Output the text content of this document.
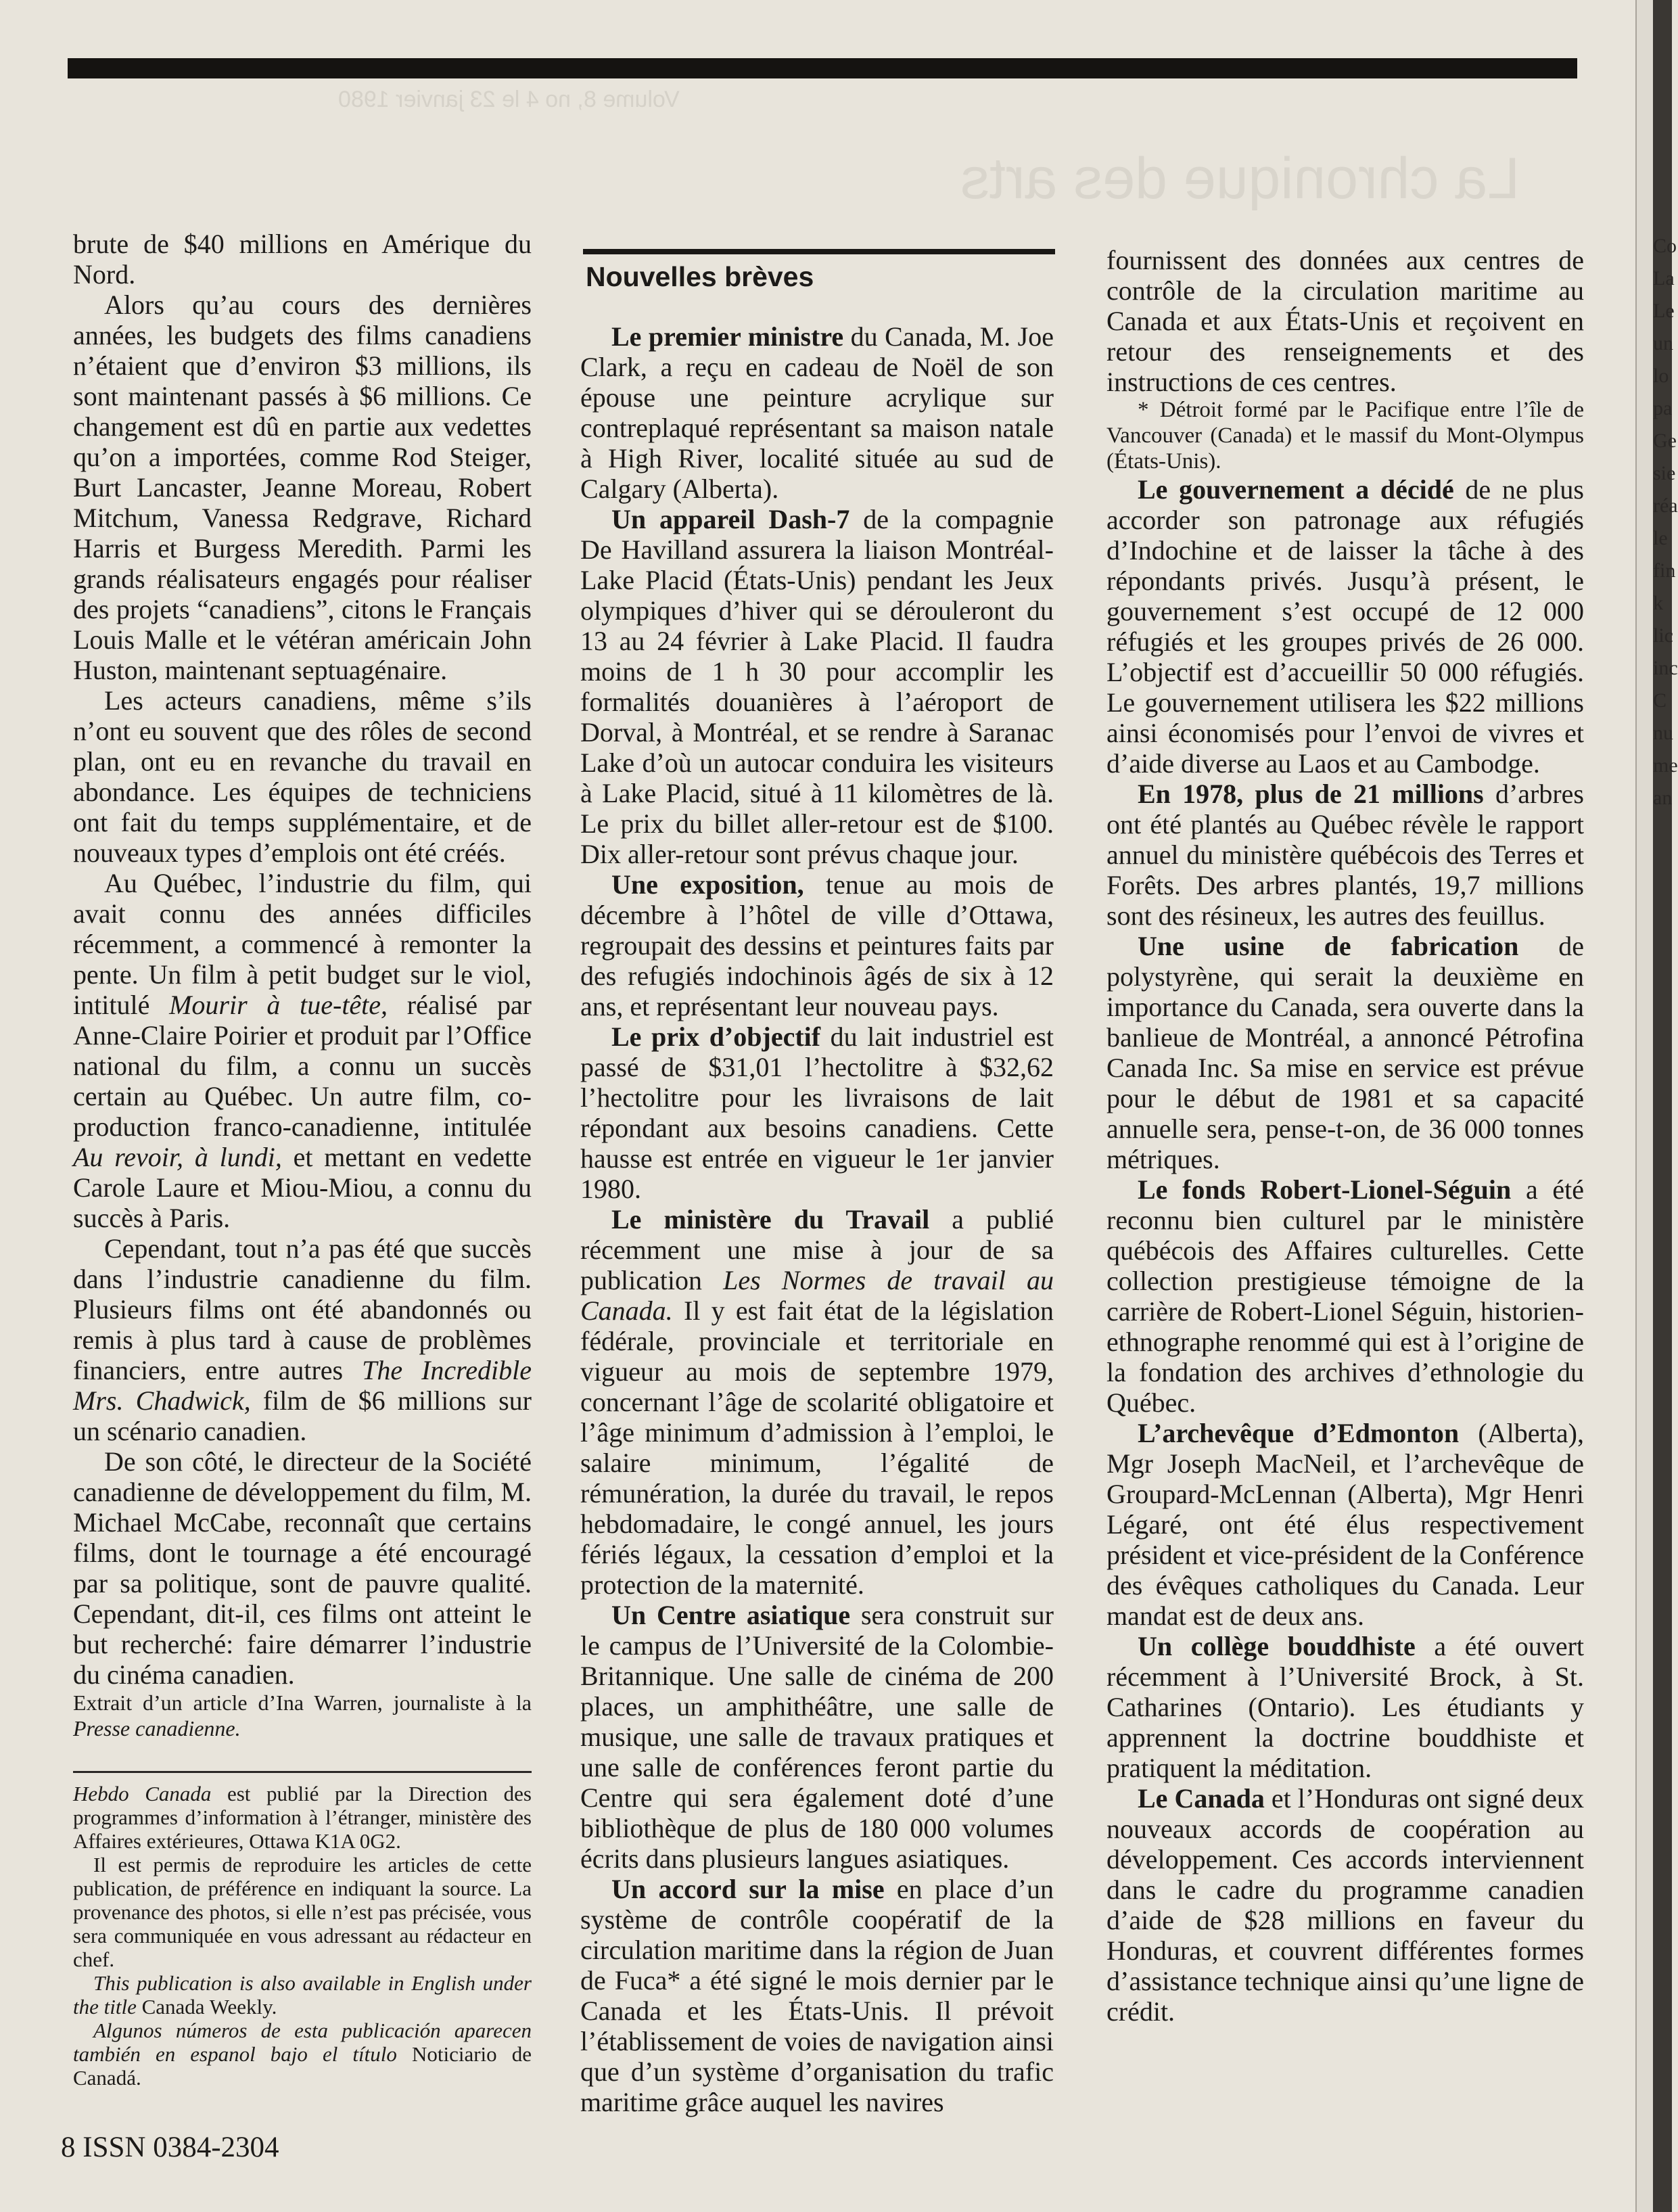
Co
La
Le
un
lo
pa
Ge
sie
réa
le
fin
k
lic
inc
C
nu
me
an
Volume 8, no 4 le 23 janvier 1980
La chronique des arts

brute de $40 millions en Amérique du Nord.

Alors qu’au cours des dernières années, les budgets des films canadiens n’étaient que d’environ $3 millions, ils sont maintenant passés à $6 millions. Ce changement est dû en partie aux vedettes qu’on a importées, comme Rod Steiger, Burt Lancaster, Jeanne Moreau, Robert Mitchum, Vanessa Redgrave, Richard Harris et Burgess Meredith. Parmi les grands réalisateurs engagés pour réaliser des projets “canadiens”, citons le Français Louis Malle et le vétéran américain John Huston, maintenant septuagénaire.

Les acteurs canadiens, même s’ils n’ont eu souvent que des rôles de second plan, ont eu en revanche du travail en abondance. Les équipes de techniciens ont fait du temps supplémentaire, et de nouveaux types d’emplois ont été créés.

Au Québec, l’industrie du film, qui avait connu des années difficiles récemment, a commencé à remonter la pente. Un film à petit budget sur le viol, intitulé Mourir à tue-tête, réalisé par Anne-Claire Poirier et produit par l’Office national du film, a connu un succès certain au Québec. Un autre film, co-production franco-canadienne, intitulée Au revoir, à lundi, et mettant en vedette Carole Laure et Miou-Miou, a connu du succès à Paris.

Cependant, tout n’a pas été que succès dans l’industrie canadienne du film. Plusieurs films ont été abandonnés ou remis à plus tard à cause de problèmes financiers, entre autres The Incredible Mrs. Chadwick, film de $6 millions sur un scénario canadien.

De son côté, le directeur de la Société canadienne de développement du film, M. Michael McCabe, reconnaît que certains films, dont le tournage a été encouragé par sa politique, sont de pauvre qualité. Cependant, dit-il, ces films ont atteint le but recherché: faire démarrer l’industrie du cinéma canadien.

Extrait d’un article d’Ina Warren, journaliste à la Presse canadienne.

Hebdo Canada est publié par la Direction des programmes d’information à l’étranger, ministère des Affaires extérieures, Ottawa K1A 0G2.

Il est permis de reproduire les articles de cette publication, de préférence en indiquant la source. La provenance des photos, si elle n’est pas précisée, vous sera communiquée en vous adressant au rédacteur en chef.

This publication is also available in English under the title Canada Weekly.

Algunos números de esta publicación aparecen también en espanol bajo el título Noticiario de Canadá.

Nouvelles brèves

Le premier ministre du Canada, M. Joe Clark, a reçu en cadeau de Noël de son épouse une peinture acrylique sur contreplaqué représentant sa maison natale à High River, localité située au sud de Calgary (Alberta).

Un appareil Dash-7 de la compagnie De Havilland assurera la liaison Montréal-Lake Placid (États-Unis) pendant les Jeux olympiques d’hiver qui se dérouleront du 13 au 24 février à Lake Placid. Il faudra moins de 1 h 30 pour accomplir les formalités douanières à l’aéroport de Dorval, à Montréal, et se rendre à Saranac Lake d’où un autocar conduira les visiteurs à Lake Placid, situé à 11 kilomètres de là. Le prix du billet aller-retour est de $100. Dix aller-retour sont prévus chaque jour.

Une exposition, tenue au mois de décembre à l’hôtel de ville d’Ottawa, regroupait des dessins et peintures faits par des refugiés indochinois âgés de six à 12 ans, et représentant leur nouveau pays.

Le prix d’objectif du lait industriel est passé de $31,01 l’hectolitre à $32,62 l’hectolitre pour les livraisons de lait répondant aux besoins canadiens. Cette hausse est entrée en vigueur le 1er janvier 1980.

Le ministère du Travail a publié récemment une mise à jour de sa publication Les Normes de travail au Canada. Il y est fait état de la législation fédérale, provinciale et territoriale en vigueur au mois de septembre 1979, concernant l’âge de scolarité obligatoire et l’âge minimum d’admission à l’emploi, le salaire minimum, l’égalité de rémunération, la durée du travail, le repos hebdomadaire, le congé annuel, les jours fériés légaux, la cessation d’emploi et la protection de la maternité.

Un Centre asiatique sera construit sur le campus de l’Université de la Colombie-Britannique. Une salle de cinéma de 200 places, un amphithéâtre, une salle de musique, une salle de travaux pratiques et une salle de conférences feront partie du Centre qui sera également doté d’une bibliothèque de plus de 180 000 volumes écrits dans plusieurs langues asiatiques.

Un accord sur la mise en place d’un système de contrôle coopératif de la circulation maritime dans la région de Juan de Fuca* a été signé le mois dernier par le Canada et les États-Unis. Il prévoit l’établissement de voies de navigation ainsi que d’un système d’organisation du trafic maritime grâce auquel les navires

fournissent des données aux centres de contrôle de la circulation maritime au Canada et aux États-Unis et reçoivent en retour des renseignements et des instructions de ces centres.

* Détroit formé par le Pacifique entre l’île de Vancouver (Canada) et le massif du Mont-Olympus (États-Unis).

Le gouvernement a décidé de ne plus accorder son patronage aux réfugiés d’Indochine et de laisser la tâche à des répondants privés. Jusqu’à présent, le gouvernement s’est occupé de 12 000 réfugiés et les groupes privés de 26 000. L’objectif est d’accueillir 50 000 réfugiés. Le gouvernement utilisera les $22 millions ainsi économisés pour l’envoi de vivres et d’aide diverse au Laos et au Cambodge.

En 1978, plus de 21 millions d’arbres ont été plantés au Québec révèle le rapport annuel du ministère québécois des Terres et Forêts. Des arbres plantés, 19,7 millions sont des résineux, les autres des feuillus.

Une usine de fabrication de polystyrène, qui serait la deuxième en importance du Canada, sera ouverte dans la banlieue de Montréal, a annoncé Pétrofina Canada Inc. Sa mise en service est prévue pour le début de 1981 et sa capacité annuelle sera, pense-t-on, de 36 000 tonnes métriques.

Le fonds Robert-Lionel-Séguin a été reconnu bien culturel par le ministère québécois des Affaires culturelles. Cette collection prestigieuse témoigne de la carrière de Robert-Lionel Séguin, historien-ethnographe renommé qui est à l’origine de la fondation des archives d’ethnologie du Québec.

L’archevêque d’Edmonton (Alberta), Mgr Joseph MacNeil, et l’archevêque de Groupard-McLennan (Alberta), Mgr Henri Légaré, ont été élus respectivement président et vice-président de la Conférence des évêques catholiques du Canada. Leur mandat est de deux ans.

Un collège bouddhiste a été ouvert récemment à l’Université Brock, à St. Catharines (Ontario). Les étudiants y apprennent la doctrine bouddhiste et pratiquent la méditation.

Le Canada et l’Honduras ont signé deux nouveaux accords de coopération au développement. Ces accords interviennent dans le cadre du programme canadien d’aide de $28 millions en faveur du Honduras, et couvrent différentes formes d’assistance technique ainsi qu’une ligne de crédit.

8 ISSN 0384-2304
